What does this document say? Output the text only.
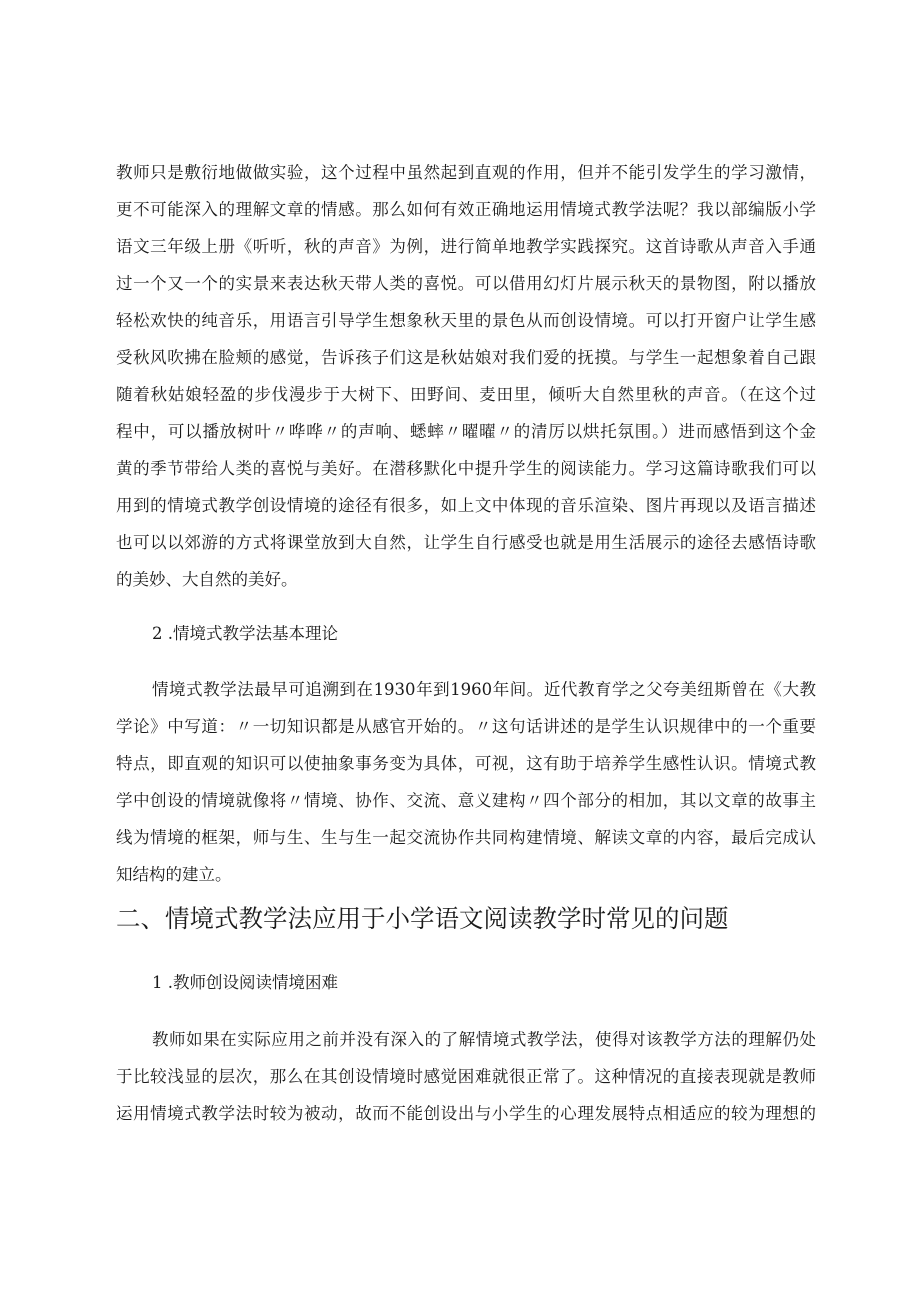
教师只是敷衍地做做实验，这个过程中虽然起到直观的作用，但并不能引发学生的学习激情，
更不可能深入的理解文章的情感。那么如何有效正确地运用情境式教学法呢？我以部编版小学
语文三年级上册《听听，秋的声音》为例，进行简单地教学实践探究。这首诗歌从声音入手通
过一个又一个的实景来表达秋天带人类的喜悦。可以借用幻灯片展示秋天的景物图，附以播放
轻松欢快的纯音乐，用语言引导学生想象秋天里的景色从而创设情境。可以打开窗户让学生感
受秋风吹拂在脸颊的感觉，告诉孩子们这是秋姑娘对我们爱的抚摸。与学生一起想象着自己跟
随着秋姑娘轻盈的步伐漫步于大树下、田野间、麦田里，倾听大自然里秋的声音。（在这个过
程中，可以播放树叶〃哗哗〃的声响、蟋蟀〃曜曜〃的清厉以烘托氛围。）进而感悟到这个金
黄的季节带给人类的喜悦与美好。在潜移默化中提升学生的阅读能力。学习这篇诗歌我们可以
用到的情境式教学创设情境的途径有很多，如上文中体现的音乐渲染、图片再现以及语言描述
也可以以郊游的方式将课堂放到大自然，让学生自行感受也就是用生活展示的途径去感悟诗歌
的美妙、大自然的美好。
2 .情境式教学法基本理论
情境式教学法最早可追溯到在1930年到1960年间。近代教育学之父夸美纽斯曾在《大教
学论》中写道：〃一切知识都是从感官开始的。〃这句话讲述的是学生认识规律中的一个重要
特点，即直观的知识可以使抽象事务变为具体，可视，这有助于培养学生感性认识。情境式教
学中创设的情境就像将〃情境、协作、交流、意义建构〃四个部分的相加，其以文章的故事主
线为情境的框架，师与生、生与生一起交流协作共同构建情境、解读文章的内容，最后完成认
知结构的建立。
二、情境式教学法应用于小学语文阅读教学时常见的问题
1 .教师创设阅读情境困难
教师如果在实际应用之前并没有深入的了解情境式教学法，使得对该教学方法的理解仍处
于比较浅显的层次，那么在其创设情境时感觉困难就很正常了。这种情况的直接表现就是教师
运用情境式教学法时较为被动，故而不能创设出与小学生的心理发展特点相适应的较为理想的
